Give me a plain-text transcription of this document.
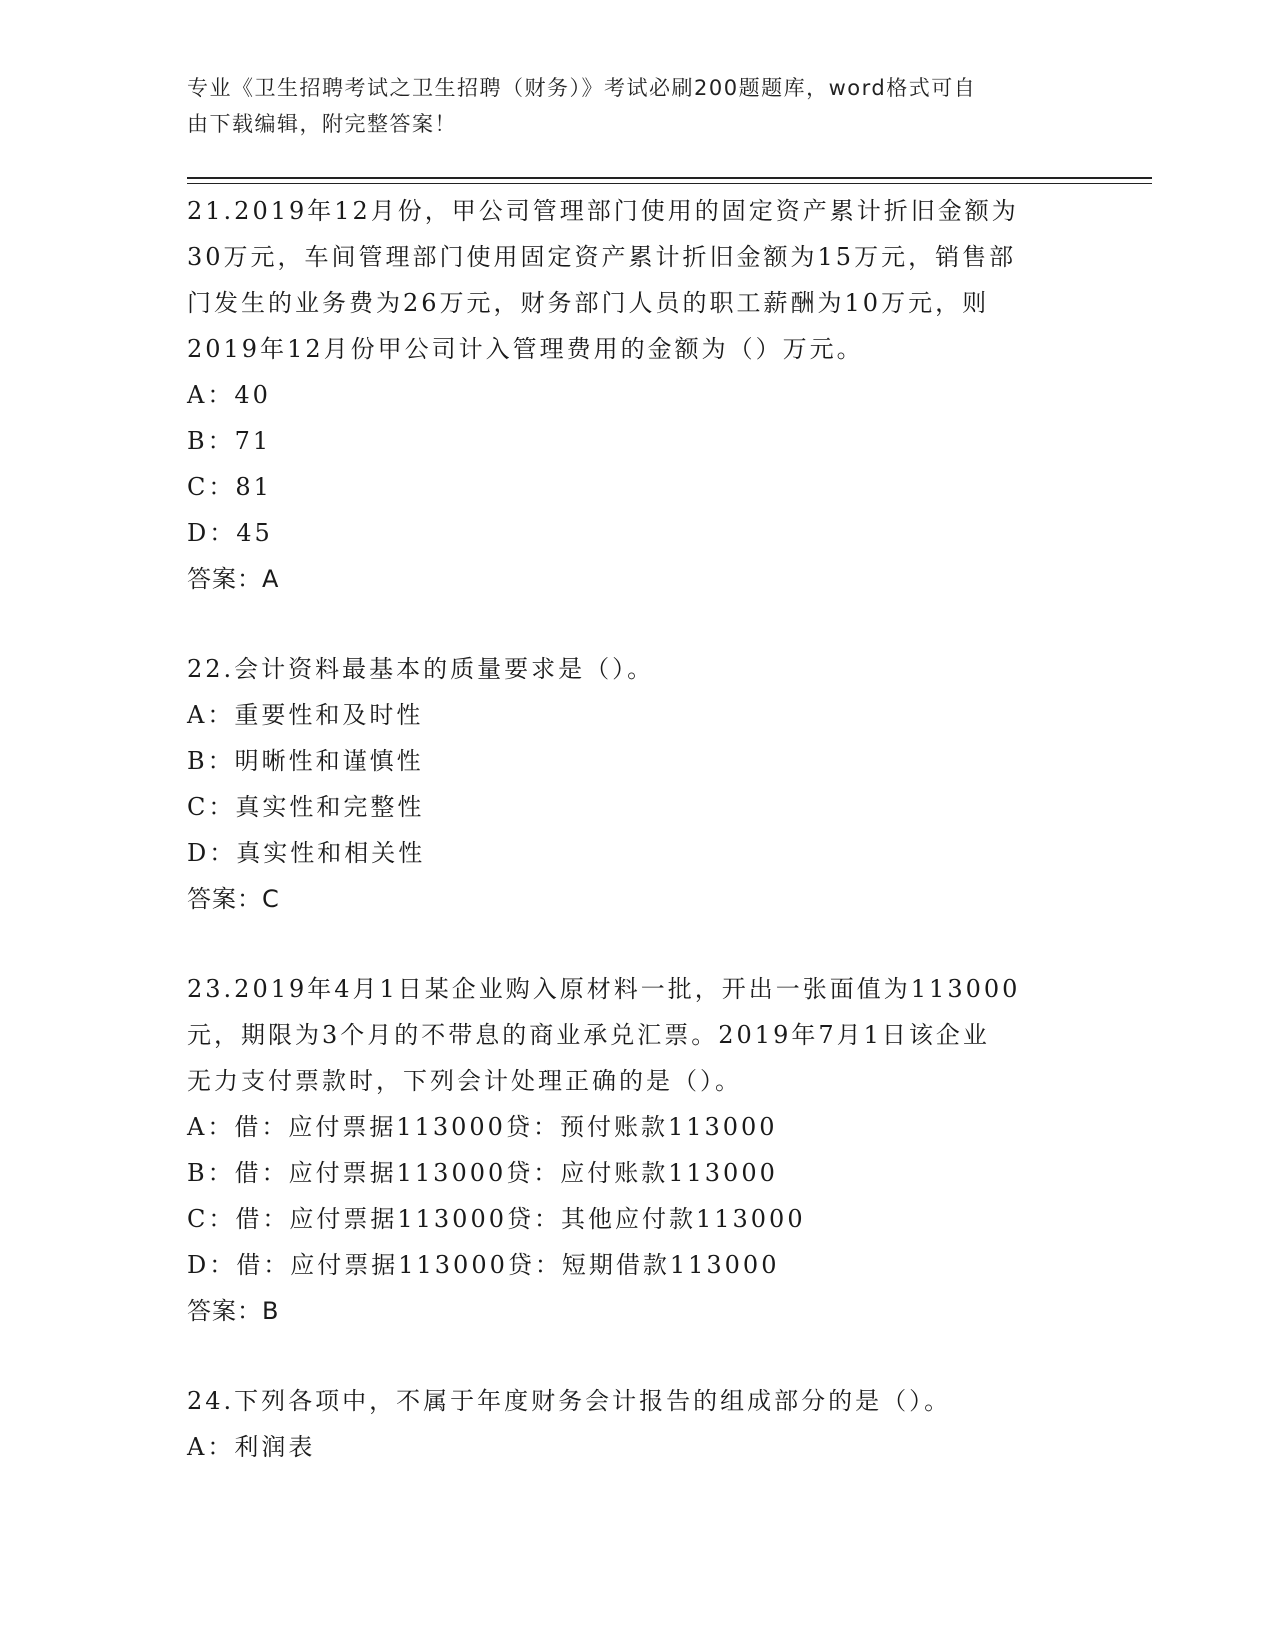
专业《卫生招聘考试之卫生招聘（财务）》考试必刷200题题库，word格式可自
由下载编辑，附完整答案！
21.2019年12月份，甲公司管理部门使用的固定资产累计折旧金额为
30万元，车间管理部门使用固定资产累计折旧金额为15万元，销售部
门发生的业务费为26万元，财务部门人员的职工薪酬为10万元，则
2019年12月份甲公司计入管理费用的金额为（）万元。
A：40
B：71
C：81
D：45
答案：A
22.会计资料最基本的质量要求是（）。
A：重要性和及时性
B：明晰性和谨慎性
C：真实性和完整性
D：真实性和相关性
答案：C
23.2019年4月1日某企业购入原材料一批，开出一张面值为113000
元，期限为3个月的不带息的商业承兑汇票。2019年7月1日该企业
无力支付票款时，下列会计处理正确的是（）。
A：借：应付票据113000贷：预付账款113000
B：借：应付票据113000贷：应付账款113000
C：借：应付票据113000贷：其他应付款113000
D：借：应付票据113000贷：短期借款113000
答案：B
24.下列各项中，不属于年度财务会计报告的组成部分的是（）。
A：利润表
